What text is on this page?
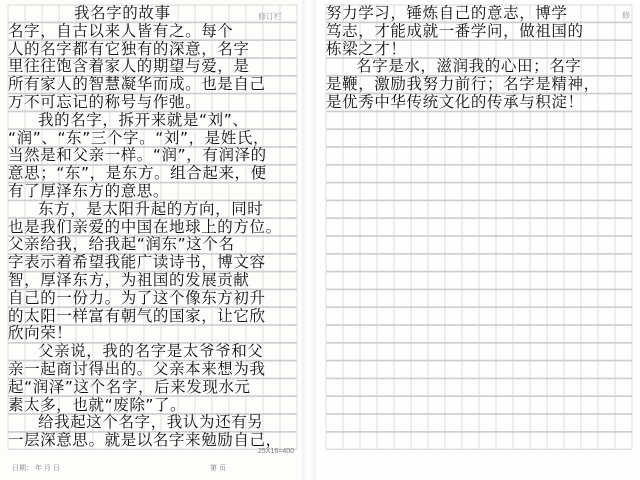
修订栏
我名字的故事
名字，自古以来人皆有之。每个
人的名字都有它独有的深意，名字
里往往饱含着家人的期望与爱，是
所有家人的智慧凝华而成。也是自己
万不可忘记的称号与作弛。
我的名字，拆开来就是“刘”、
“润”、“东”三个字。“刘”，是姓氏，
当然是和父亲一样。“润”，有润泽的
意思；“东”，是东方。组合起来，便
有了厚泽东方的意思。
东方，是太阳升起的方向，同时
也是我们亲爱的中国在地球上的方位。
父亲给我，给我起“润东”这个名
字表示着希望我能广读诗书，博文容
智，厚泽东方，为祖国的发展贡献
自己的一份力。为了这个像东方初升
的太阳一样富有朝气的国家，让它欣
欣向荣！
父亲说，我的名字是太爷爷和父
亲一起商讨得出的。父亲本来想为我
起“润泽”这个名字，后来发现水元
素太多，也就“废除”了。
给我起这个名字，我认为还有另
一层深意思。就是以名字来勉励自己，
25X16=400
日期： 年 月 日	第 页
修
努力学习，锤炼自己的意志，博学
笃志，才能成就一番学问，做祖国的
栋梁之才！
名字是水，滋润我的心田；名字
是鞭，激励我努力前行；名字是精神，
是优秀中华传统文化的传承与积淀！
